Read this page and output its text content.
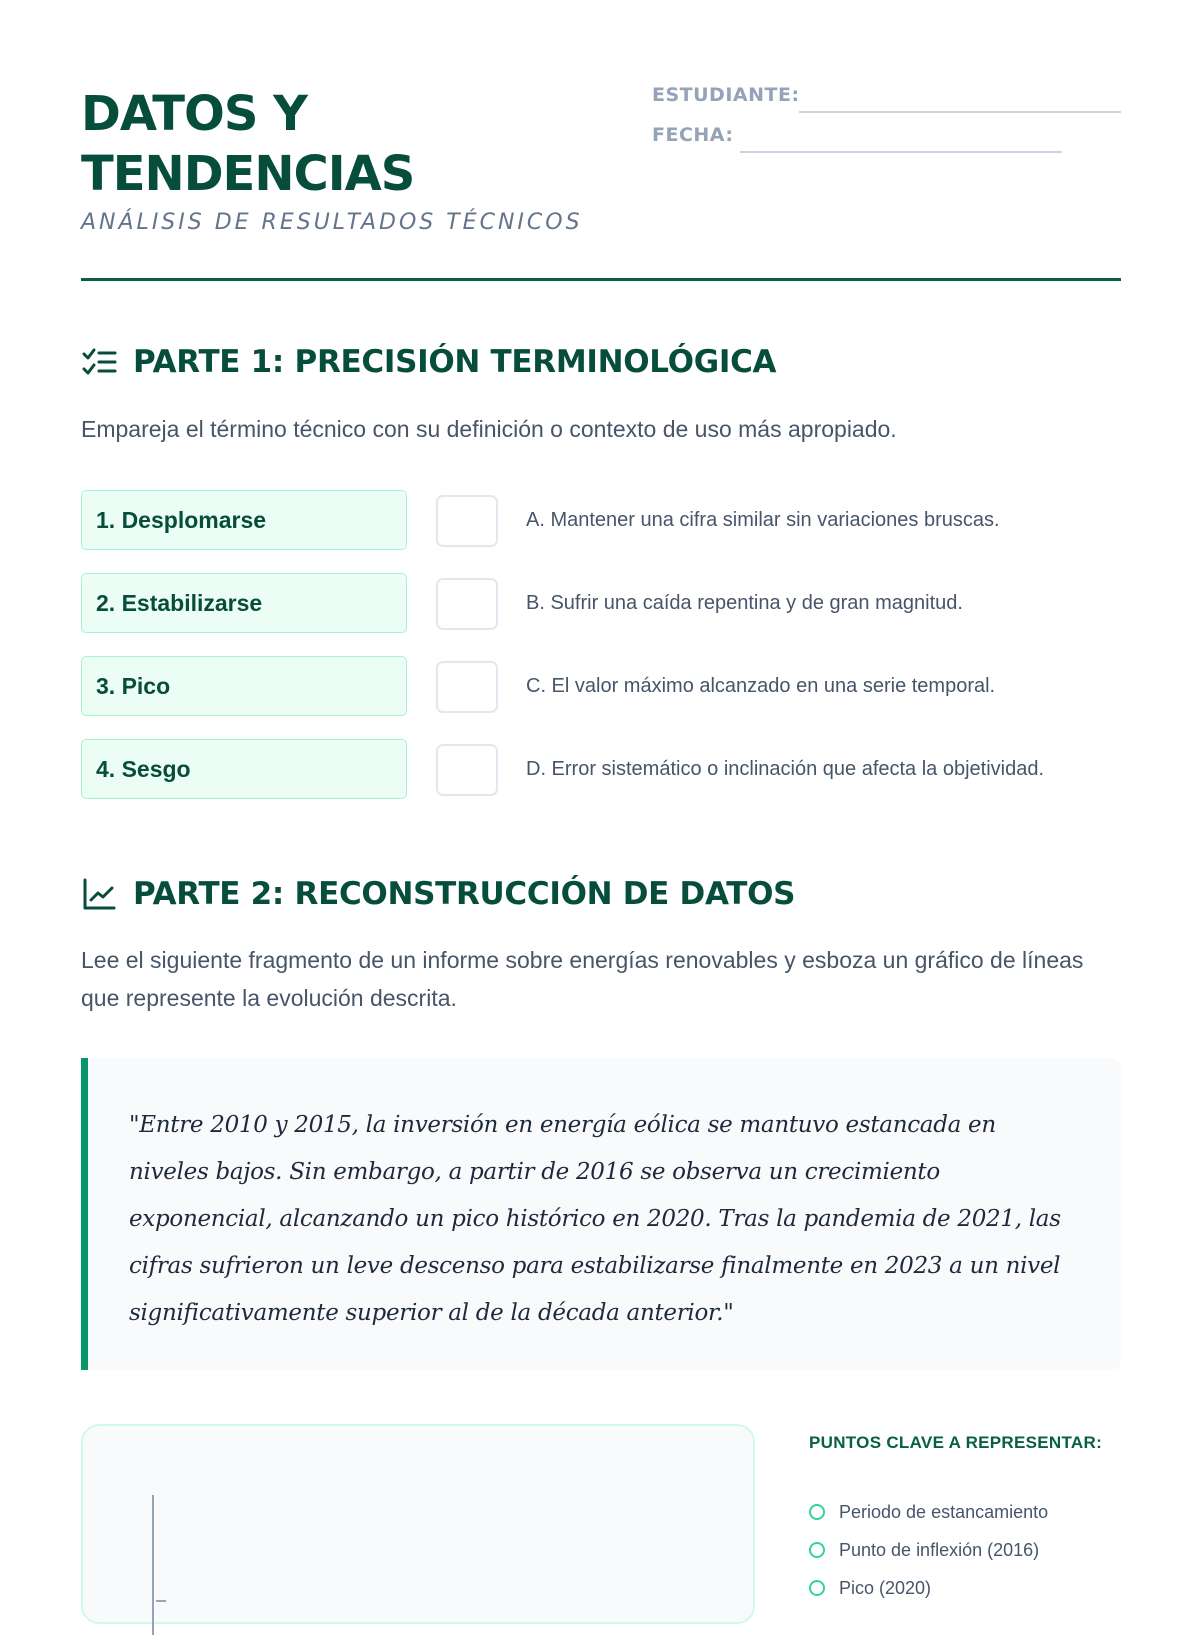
DATOS Y
TENDENCIAS
ANÁLISIS DE RESULTADOS TÉCNICOS
ESTUDIANTE:
FECHA:
PARTE 1: PRECISIÓN TERMINOLÓGICA
Empareja el término técnico con su definición o contexto de uso más apropiado.
1. Desplomarse	A. Mantener una cifra similar sin variaciones bruscas.
2. Estabilizarse	B. Sufrir una caída repentina y de gran magnitud.
3. Pico	C. El valor máximo alcanzado en una serie temporal.
4. Sesgo	D. Error sistemático o inclinación que afecta la objetividad.
PARTE 2: RECONSTRUCCIÓN DE DATOS
Lee el siguiente fragmento de un informe sobre energías renovables y esboza un gráfico de líneas que represente la evolución descrita.

"Entre 2010 y 2015, la inversión en energía eólica se mantuvo estancada en niveles bajos. Sin embargo, a partir de 2016 se observa un crecimiento exponencial, alcanzando un pico histórico en 2020. Tras la pandemia de 2021, las cifras sufrieron un leve descenso para estabilizarse finalmente en 2023 a un nivel significativamente superior al de la década anterior."

PUNTOS CLAVE A REPRESENTAR:
Periodo de estancamiento
Punto de inflexión (2016)
Pico (2020)
